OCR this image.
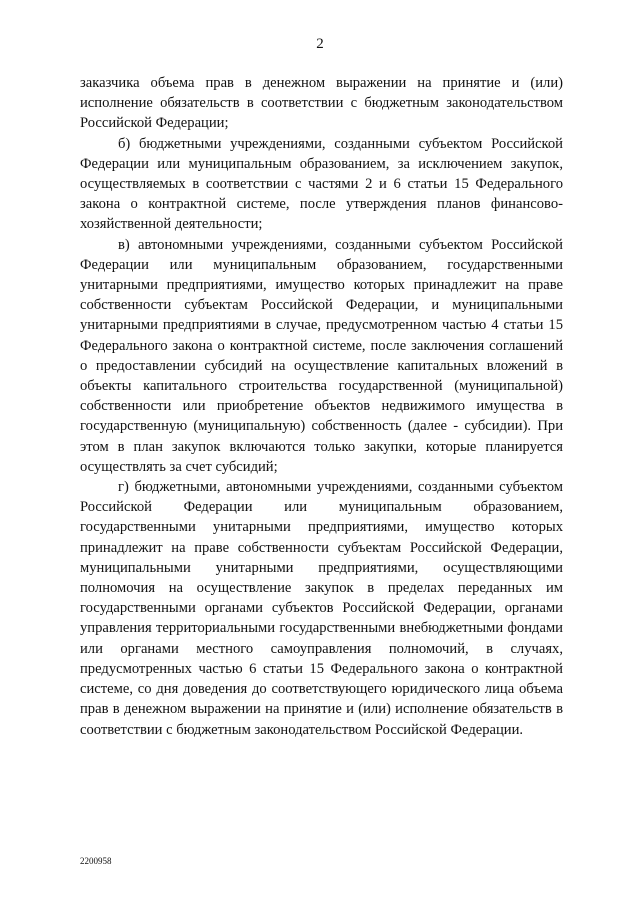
2

заказчика объема прав в денежном выражении на принятие и (или) исполнение обязательств в соответствии с бюджетным законодательством Российской Федерации;

б) бюджетными учреждениями, созданными субъектом Российской Федерации или муниципальным образованием, за исключением закупок, осуществляемых в соответствии с частями 2 и 6 статьи 15 Федерального закона о контрактной системе, после утверждения планов финансово-хозяйственной деятельности;

в) автономными учреждениями, созданными субъектом Российской Федерации или муниципальным образованием, государственными унитарными предприятиями, имущество которых принадлежит на праве собственности субъектам Российской Федерации, и муниципальными унитарными предприятиями в случае, предусмотренном частью 4 статьи 15 Федерального закона о контрактной системе, после заключения соглашений о предоставлении субсидий на осуществление капитальных вложений в объекты капитального строительства государственной (муниципальной) собственности или приобретение объектов недвижимого имущества в государственную (муниципальную) собственность (далее - субсидии). При этом в план закупок включаются только закупки, которые планируется осуществлять за счет субсидий;

г) бюджетными, автономными учреждениями, созданными субъектом Российской Федерации или муниципальным образованием, государственными унитарными предприятиями, имущество которых принадлежит на праве собственности субъектам Российской Федерации, муниципальными унитарными предприятиями, осуществляющими полномочия на осуществление закупок в пределах переданных им государственными органами субъектов Российской Федерации, органами управления территориальными государственными внебюджетными фондами или органами местного самоуправления полномочий, в случаях, предусмотренных частью 6 статьи 15 Федерального закона о контрактной системе, со дня доведения до соответствующего юридического лица объема прав в денежном выражении на принятие и (или) исполнение обязательств в соответствии с бюджетным законодательством Российской Федерации.

2200958
